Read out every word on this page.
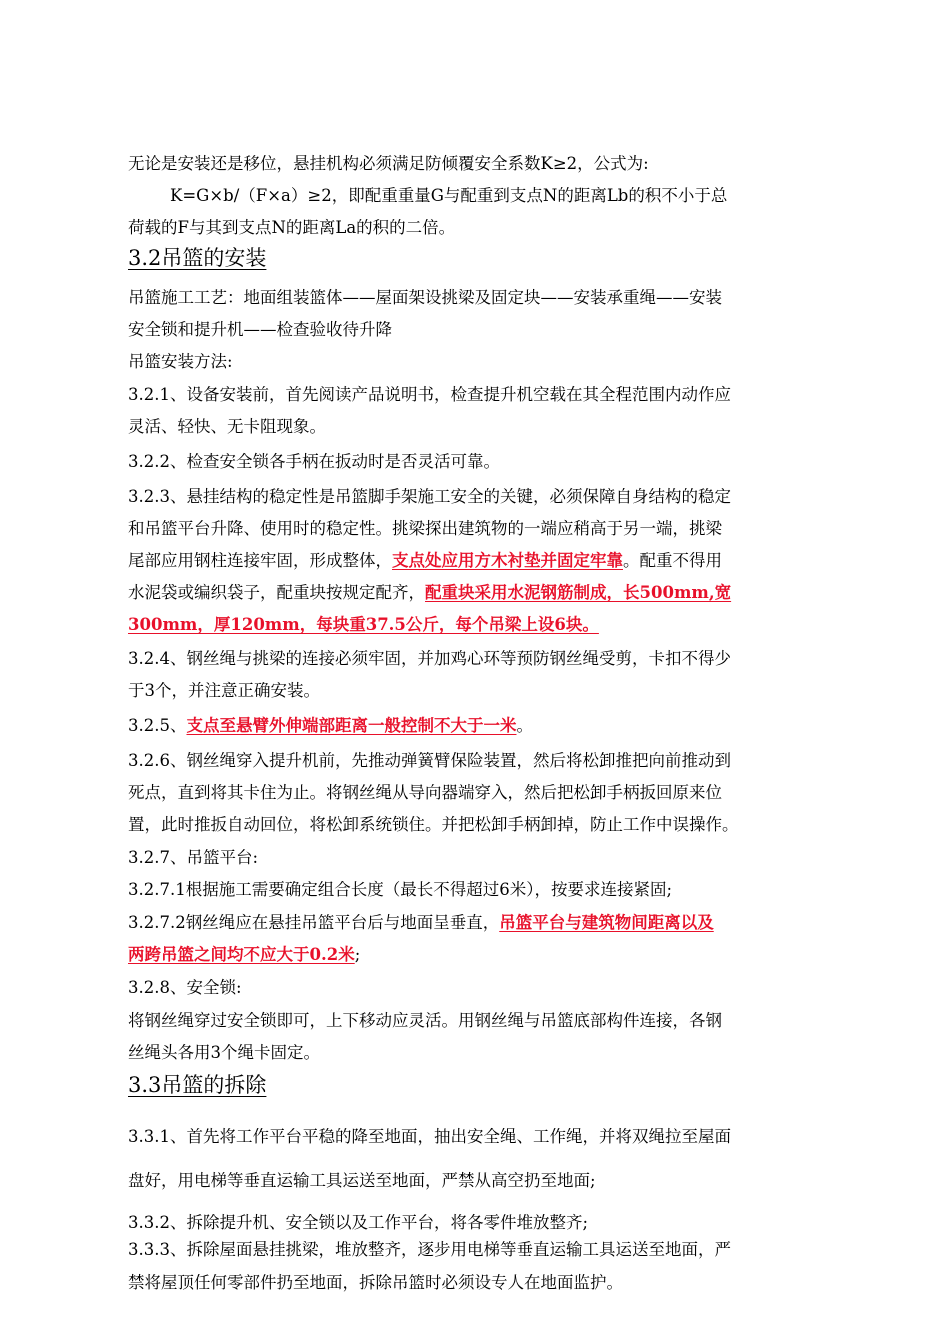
无论是安装还是移位，悬挂机构必须满足防倾覆安全系数K≥2，公式为:

K=G×b/（F×a）≥2，即配重重量G与配重到支点N的距离Lb的积不小于总

荷载的F与其到支点N的距离La的积的二倍。

3.2吊篮的安装

吊篮施工工艺：地面组装篮体——屋面架设挑梁及固定块——安装承重绳——安装

安全锁和提升机——检查验收待升降

吊篮安装方法:

3.2.1、设备安装前，首先阅读产品说明书，检查提升机空载在其全程范围内动作应

灵活、轻快、无卡阻现象。

3.2.2、检查安全锁各手柄在扳动时是否灵活可靠。

3.2.3、悬挂结构的稳定性是吊篮脚手架施工安全的关键，必须保障自身结构的稳定

和吊篮平台升降、使用时的稳定性。挑梁探出建筑物的一端应稍高于另一端，挑梁

尾部应用钢柱连接牢固，形成整体，支点处应用方木衬垫并固定牢靠。配重不得用

水泥袋或编织袋子，配重块按规定配齐，配重块采用水泥钢筋制成，长500mm,宽

300mm，厚120mm，每块重37.5公斤，每个吊梁上设6块。

3.2.4、钢丝绳与挑梁的连接必须牢固，并加鸡心环等预防钢丝绳受剪，卡扣不得少

于3个，并注意正确安装。

3.2.5、支点至悬臂外伸端部距离一般控制不大于一米。

3.2.6、钢丝绳穿入提升机前，先推动弹簧臂保险装置，然后将松卸推把向前推动到

死点，直到将其卡住为止。将钢丝绳从导向器端穿入，然后把松卸手柄扳回原来位

置，此时推扳自动回位，将松卸系统锁住。并把松卸手柄卸掉，防止工作中误操作。

3.2.7、吊篮平台:

3.2.7.1根据施工需要确定组合长度（最长不得超过6米），按要求连接紧固;

3.2.7.2钢丝绳应在悬挂吊篮平台后与地面呈垂直，吊篮平台与建筑物间距离以及

两跨吊篮之间均不应大于0.2米;

3.2.8、安全锁:

将钢丝绳穿过安全锁即可，上下移动应灵活。用钢丝绳与吊篮底部构件连接，各钢

丝绳头各用3个绳卡固定。

3.3吊篮的拆除

3.3.1、首先将工作平台平稳的降至地面，抽出安全绳、工作绳，并将双绳拉至屋面

盘好，用电梯等垂直运输工具运送至地面，严禁从高空扔至地面;

3.3.2、拆除提升机、安全锁以及工作平台，将各零件堆放整齐;

3.3.3、拆除屋面悬挂挑梁，堆放整齐，逐步用电梯等垂直运输工具运送至地面，严

禁将屋顶任何零部件扔至地面，拆除吊篮时必须设专人在地面监护。
